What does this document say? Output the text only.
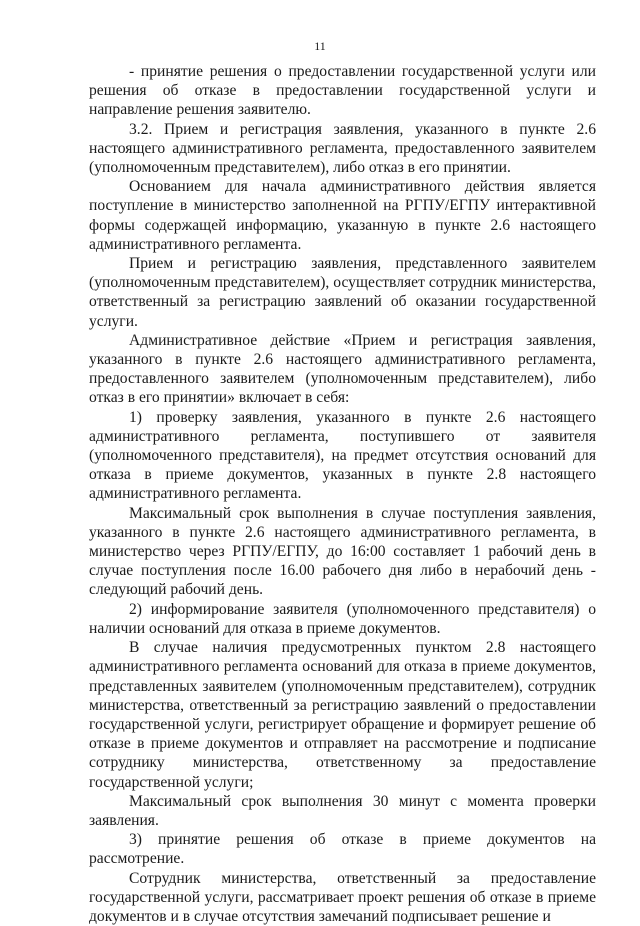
11

- принятие решения о предоставлении государственной услуги или решения об отказе в предоставлении государственной услуги и направление решения заявителю.

3.2. Прием и регистрация заявления, указанного в пункте 2.6 настоящего административного регламента, предоставленного заявителем (уполномоченным представителем), либо отказ в его принятии.

Основанием для начала административного действия является поступление в министерство заполненной на РГПУ/ЕГПУ интерактивной формы содержащей информацию, указанную в пункте 2.6 настоящего административного регламента.

Прием и регистрацию заявления, представленного заявителем (уполномоченным представителем), осуществляет сотрудник министерства, ответственный за регистрацию заявлений об оказании государственной услуги.

Административное действие «Прием и регистрация заявления, указанного в пункте 2.6 настоящего административного регламента, предоставленного заявителем (уполномоченным представителем), либо отказ в его принятии» включает в себя:

1) проверку заявления, указанного в пункте 2.6 настоящего административного регламента, поступившего от заявителя (уполномоченного представителя), на предмет отсутствия оснований для отказа в приеме документов, указанных в пункте 2.8 настоящего административного регламента.

Максимальный срок выполнения в случае поступления заявления, указанного в пункте 2.6 настоящего административного регламента, в министерство через РГПУ/ЕГПУ, до 16:00 составляет 1 рабочий день в случае поступления после 16.00 рабочего дня либо в нерабочий день - следующий рабочий день.

2) информирование заявителя (уполномоченного представителя) о наличии оснований для отказа в приеме документов.

В случае наличия предусмотренных пунктом 2.8 настоящего административного регламента оснований для отказа в приеме документов, представленных заявителем (уполномоченным представителем), сотрудник министерства, ответственный за регистрацию заявлений о предоставлении государственной услуги, регистрирует обращение и формирует решение об отказе в приеме документов и отправляет на рассмотрение и подписание сотруднику министерства, ответственному за предоставление государственной услуги;

Максимальный срок выполнения 30 минут с момента проверки заявления.

3) принятие решения об отказе в приеме документов на рассмотрение.

Сотрудник министерства, ответственный за предоставление государственной услуги, рассматривает проект решения об отказе в приеме документов и в случае отсутствия замечаний подписывает решение и
